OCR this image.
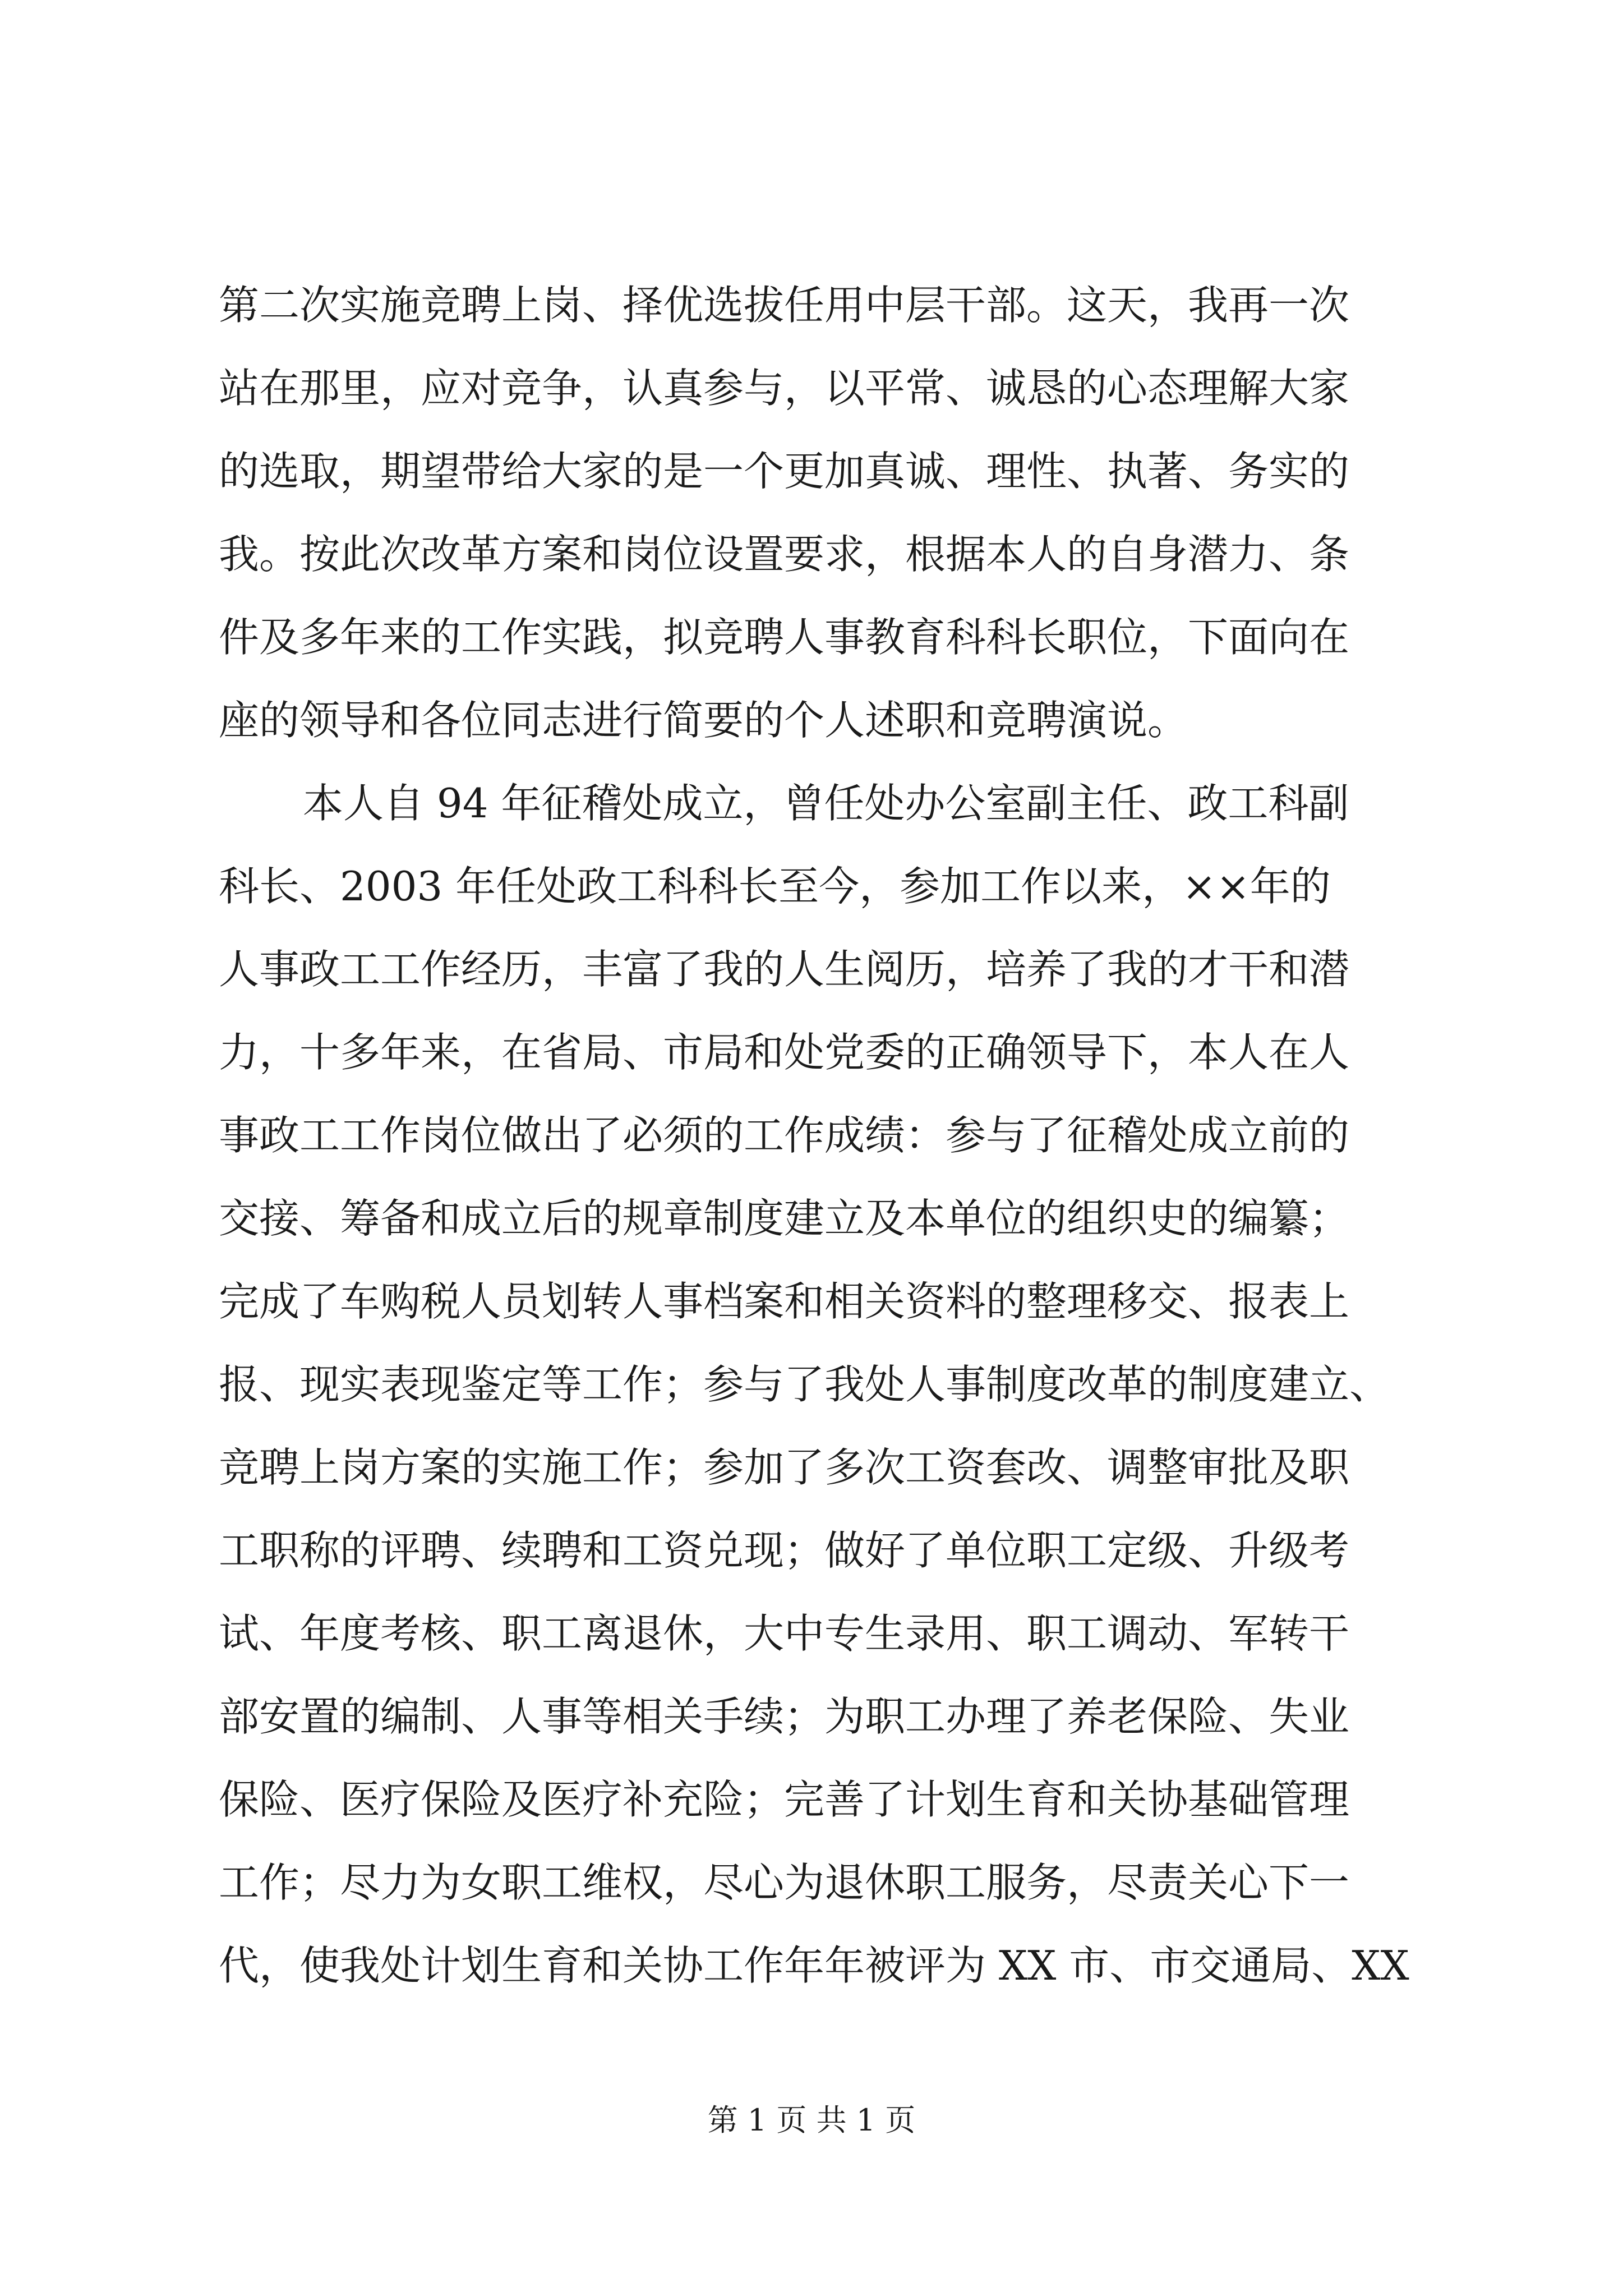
第二次实施竞聘上岗、择优选拔任用中层干部。这天，我再一次
站在那里，应对竞争，认真参与，以平常、诚恳的心态理解大家
的选取，期望带给大家的是一个更加真诚、理性、执著、务实的
我。按此次改革方案和岗位设置要求，根据本人的自身潜力、条
件及多年来的工作实践，拟竞聘人事教育科科长职位，下面向在
座的领导和各位同志进行简要的个人述职和竞聘演说。
本人自 94 年征稽处成立，曾任处办公室副主任、政工科副
科长、2003 年任处政工科科长至今，参加工作以来，××年的
人事政工工作经历，丰富了我的人生阅历，培养了我的才干和潜
力，十多年来，在省局、市局和处党委的正确领导下，本人在人
事政工工作岗位做出了必须的工作成绩：参与了征稽处成立前的
交接、筹备和成立后的规章制度建立及本单位的组织史的编纂；
完成了车购税人员划转人事档案和相关资料的整理移交、报表上
报、现实表现鉴定等工作；参与了我处人事制度改革的制度建立、
竞聘上岗方案的实施工作；参加了多次工资套改、调整审批及职
工职称的评聘、续聘和工资兑现；做好了单位职工定级、升级考
试、年度考核、职工离退休，大中专生录用、职工调动、军转干
部安置的编制、人事等相关手续；为职工办理了养老保险、失业
保险、医疗保险及医疗补充险；完善了计划生育和关协基础管理
工作；尽力为女职工维权，尽心为退休职工服务，尽责关心下一
代，使我处计划生育和关协工作年年被评为 XX 市、市交通局、XX
第 1 页 共 1 页
